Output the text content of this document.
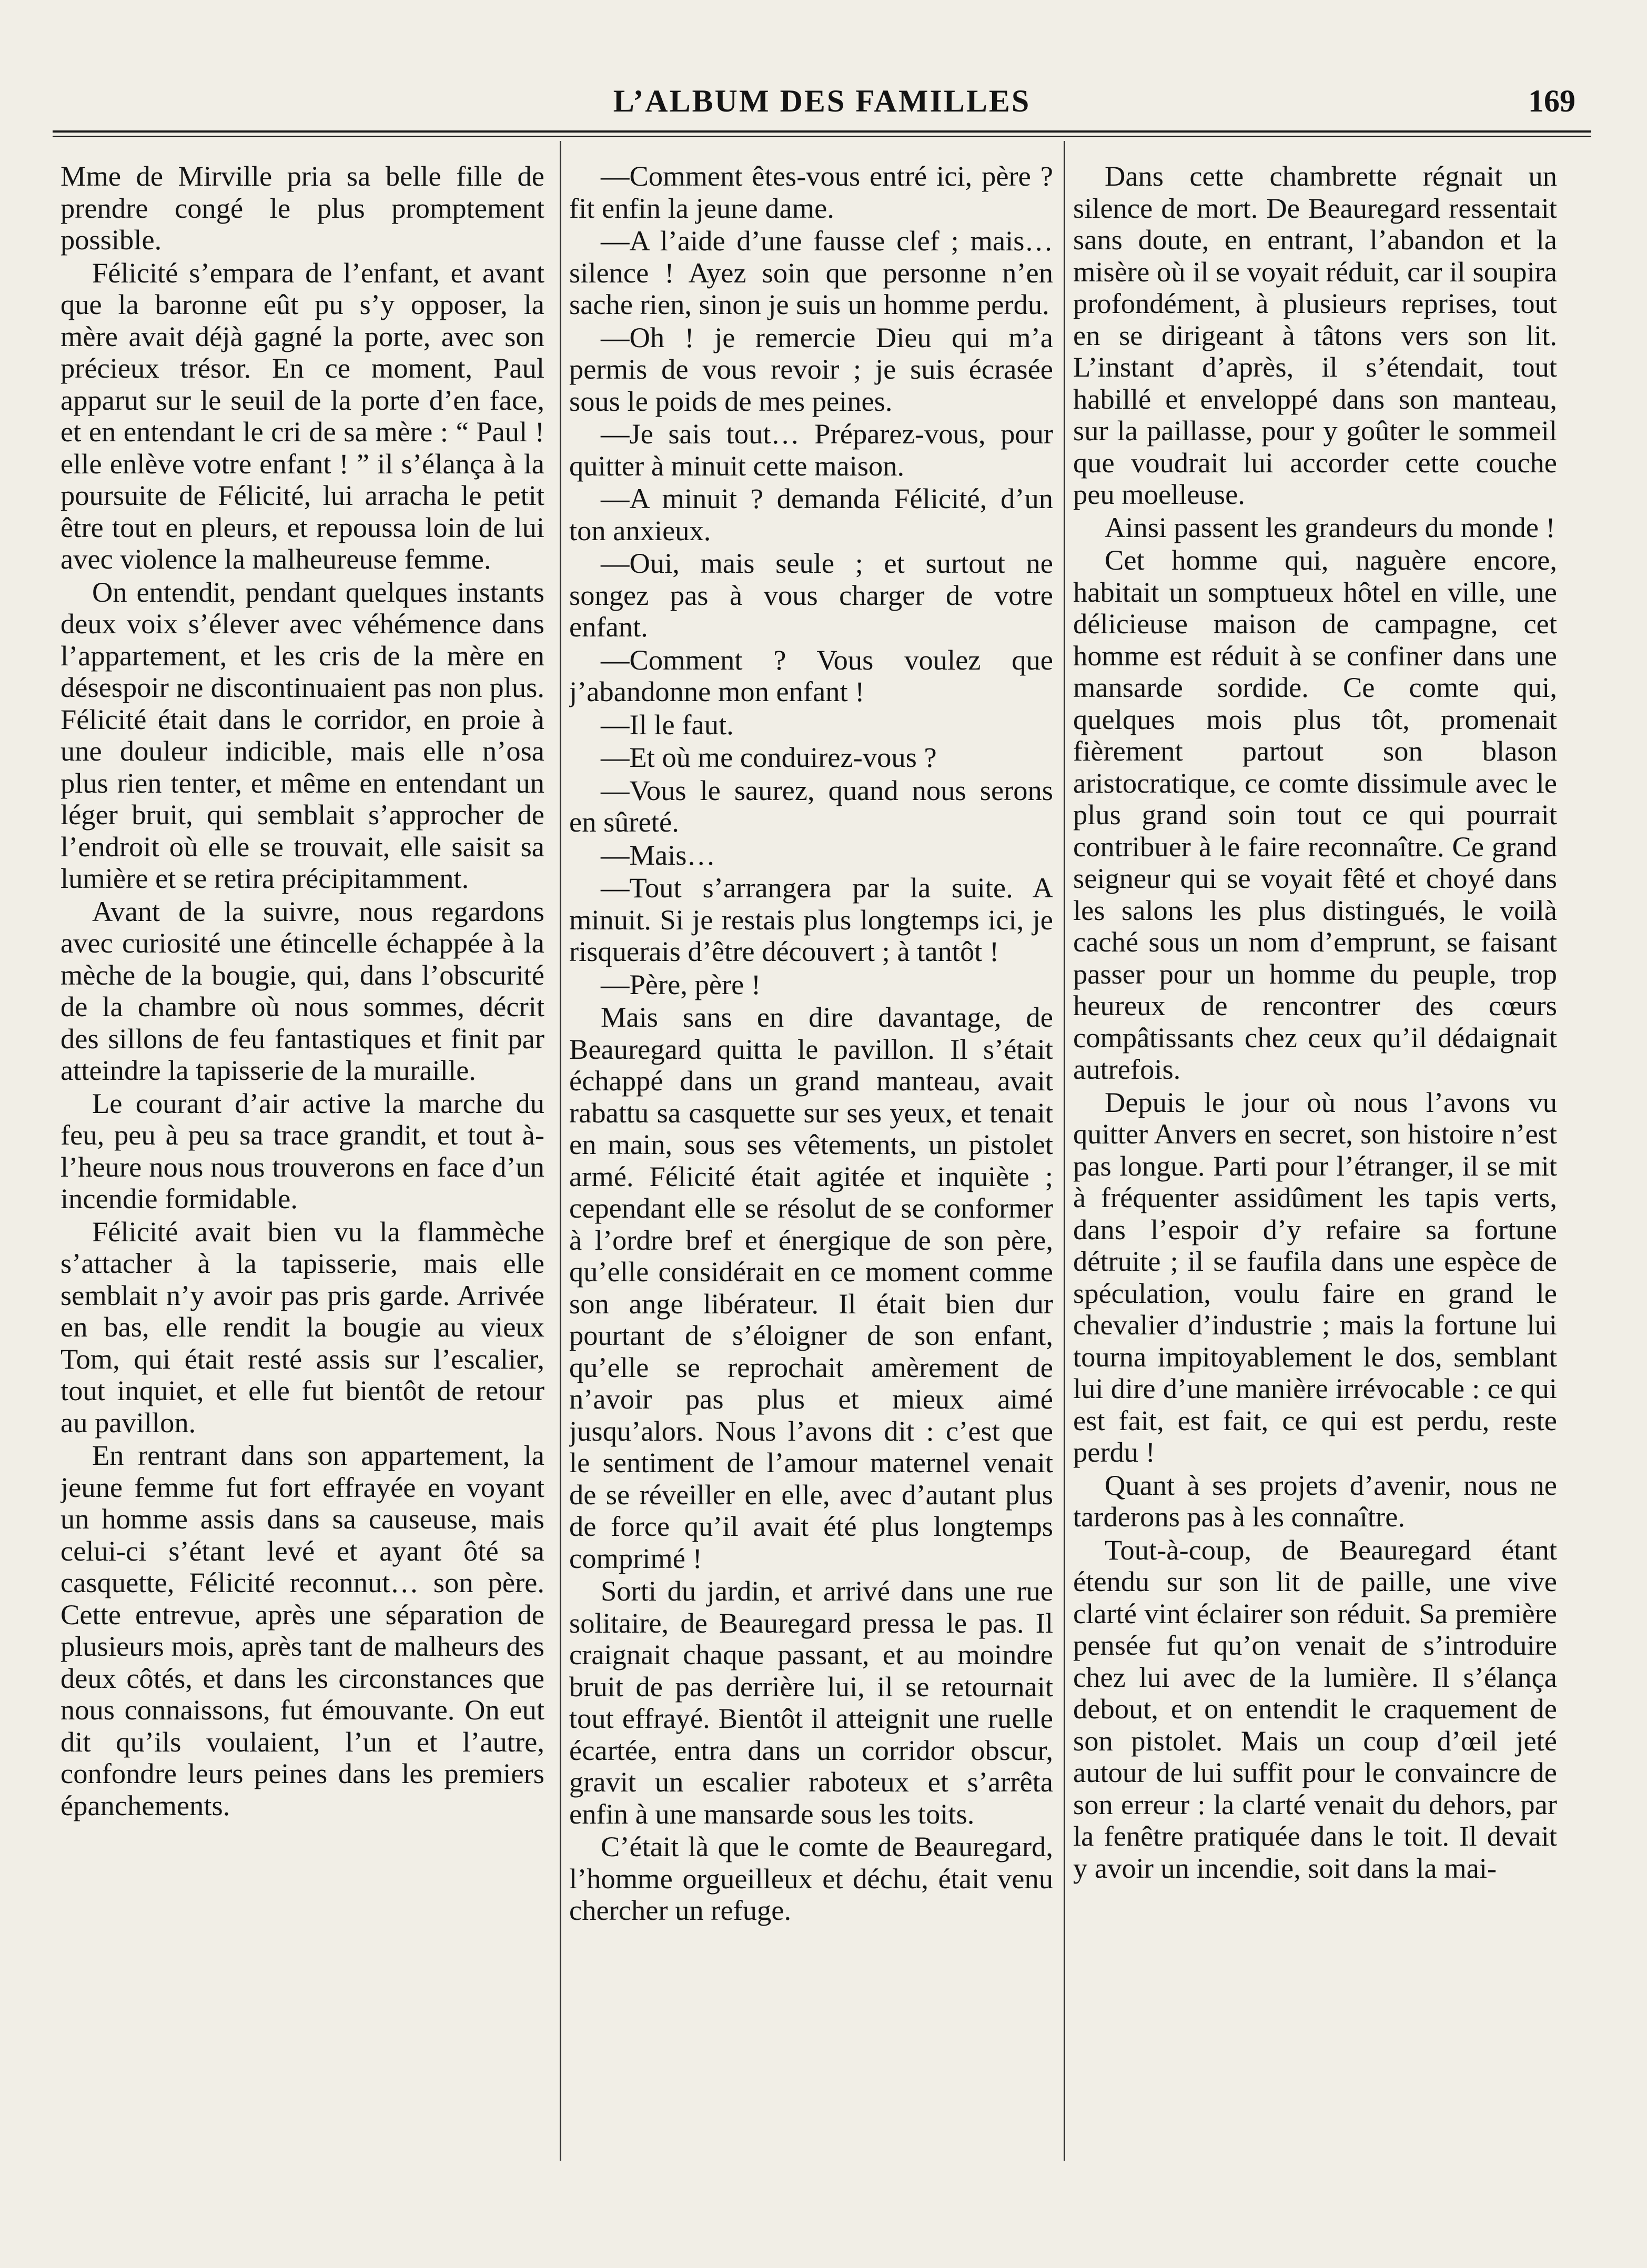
L’ALBUM DES FAMILLES	169

Mme de Mirville pria sa belle fille de prendre congé le plus promptement possible.

Félicité s’empara de l’enfant, et avant que la baronne eût pu s’y opposer, la mère avait déjà gagné la porte, avec son précieux trésor. En ce moment, Paul apparut sur le seuil de la porte d’en face, et en entendant le cri de sa mère : “ Paul ! elle enlève votre enfant ! ” il s’élança à la poursuite de Félicité, lui arracha le petit être tout en pleurs, et repoussa loin de lui avec violence la malheureuse femme.

On entendit, pendant quelques instants deux voix s’élever avec véhémence dans l’appartement, et les cris de la mère en désespoir ne discontinuaient pas non plus. Félicité était dans le corridor, en proie à une douleur indicible, mais elle n’osa plus rien tenter, et même en entendant un léger bruit, qui semblait s’approcher de l’endroit où elle se trouvait, elle saisit sa lumière et se retira précipitamment.

Avant de la suivre, nous regardons avec curiosité une étincelle échappée à la mèche de la bougie, qui, dans l’obscurité de la chambre où nous sommes, décrit des sillons de feu fantastiques et finit par atteindre la tapisserie de la muraille.

Le courant d’air active la marche du feu, peu à peu sa trace grandit, et tout à-l’heure nous nous trouverons en face d’un incendie formidable.

Félicité avait bien vu la flammèche s’attacher à la tapisserie, mais elle semblait n’y avoir pas pris garde. Arrivée en bas, elle rendit la bougie au vieux Tom, qui était resté assis sur l’escalier, tout inquiet, et elle fut bientôt de retour au pavillon.

En rentrant dans son appartement, la jeune femme fut fort effrayée en voyant un homme assis dans sa causeuse, mais celui-ci s’étant levé et ayant ôté sa casquette, Félicité reconnut… son père. Cette entrevue, après une séparation de plusieurs mois, après tant de malheurs des deux côtés, et dans les circonstances que nous connaissons, fut émouvante. On eut dit qu’ils voulaient, l’un et l’autre, confondre leurs peines dans les premiers épanchements.

—Comment êtes-vous entré ici, père ? fit enfin la jeune dame.

—A l’aide d’une fausse clef ; mais… silence ! Ayez soin que personne n’en sache rien, sinon je suis un homme perdu.

—Oh ! je remercie Dieu qui m’a permis de vous revoir ; je suis écrasée sous le poids de mes peines.

—Je sais tout… Préparez-vous, pour quitter à minuit cette maison.

—A minuit ? demanda Félicité, d’un ton anxieux.

—Oui, mais seule ; et surtout ne songez pas à vous charger de votre enfant.

—Comment ? Vous voulez que j’abandonne mon enfant !

—Il le faut.

—Et où me conduirez-vous ?

—Vous le saurez, quand nous serons en sûreté.

—Mais…

—Tout s’arrangera par la suite. A minuit. Si je restais plus longtemps ici, je risquerais d’être découvert ; à tantôt !

—Père, père !

Mais sans en dire davantage, de Beauregard quitta le pavillon. Il s’était échappé dans un grand manteau, avait rabattu sa casquette sur ses yeux, et tenait en main, sous ses vêtements, un pistolet armé. Félicité était agitée et inquiète ; cependant elle se résolut de se conformer à l’ordre bref et énergique de son père, qu’elle considérait en ce moment comme son ange libérateur. Il était bien dur pourtant de s’éloigner de son enfant, qu’elle se reprochait amèrement de n’avoir pas plus et mieux aimé jusqu’alors. Nous l’avons dit : c’est que le sentiment de l’amour maternel venait de se réveiller en elle, avec d’autant plus de force qu’il avait été plus longtemps comprimé !

Sorti du jardin, et arrivé dans une rue solitaire, de Beauregard pressa le pas. Il craignait chaque passant, et au moindre bruit de pas derrière lui, il se retournait tout effrayé. Bientôt il atteignit une ruelle écartée, entra dans un corridor obscur, gravit un escalier raboteux et s’arrêta enfin à une mansarde sous les toits.

C’était là que le comte de Beauregard, l’homme orgueilleux et déchu, était venu chercher un refuge.

Dans cette chambrette régnait un silence de mort. De Beauregard ressentait sans doute, en entrant, l’abandon et la misère où il se voyait réduit, car il soupira profondément, à plusieurs reprises, tout en se dirigeant à tâtons vers son lit. L’instant d’après, il s’étendait, tout habillé et enveloppé dans son manteau, sur la paillasse, pour y goûter le sommeil que voudrait lui accorder cette couche peu moelleuse.

Ainsi passent les grandeurs du monde !

Cet homme qui, naguère encore, habitait un somptueux hôtel en ville, une délicieuse maison de campagne, cet homme est réduit à se confiner dans une mansarde sordide. Ce comte qui, quelques mois plus tôt, promenait fièrement partout son blason aristocratique, ce comte dissimule avec le plus grand soin tout ce qui pourrait contribuer à le faire reconnaître. Ce grand seigneur qui se voyait fêté et choyé dans les salons les plus distingués, le voilà caché sous un nom d’emprunt, se faisant passer pour un homme du peuple, trop heureux de rencontrer des cœurs compâtissants chez ceux qu’il dédaignait autrefois.

Depuis le jour où nous l’avons vu quitter Anvers en secret, son histoire n’est pas longue. Parti pour l’étranger, il se mit à fréquenter assidûment les tapis verts, dans l’espoir d’y refaire sa fortune détruite ; il se faufila dans une espèce de spéculation, voulu faire en grand le chevalier d’industrie ; mais la fortune lui tourna impitoyablement le dos, semblant lui dire d’une manière irrévocable : ce qui est fait, est fait, ce qui est perdu, reste perdu !

Quant à ses projets d’avenir, nous ne tarderons pas à les connaître.

Tout-à-coup, de Beauregard étant étendu sur son lit de paille, une vive clarté vint éclairer son réduit. Sa première pensée fut qu’on venait de s’introduire chez lui avec de la lumière. Il s’élança debout, et on entendit le craquement de son pistolet. Mais un coup d’œil jeté autour de lui suffit pour le convaincre de son erreur : la clarté venait du dehors, par la fenêtre pratiquée dans le toit. Il devait y avoir un incendie, soit dans la mai-
